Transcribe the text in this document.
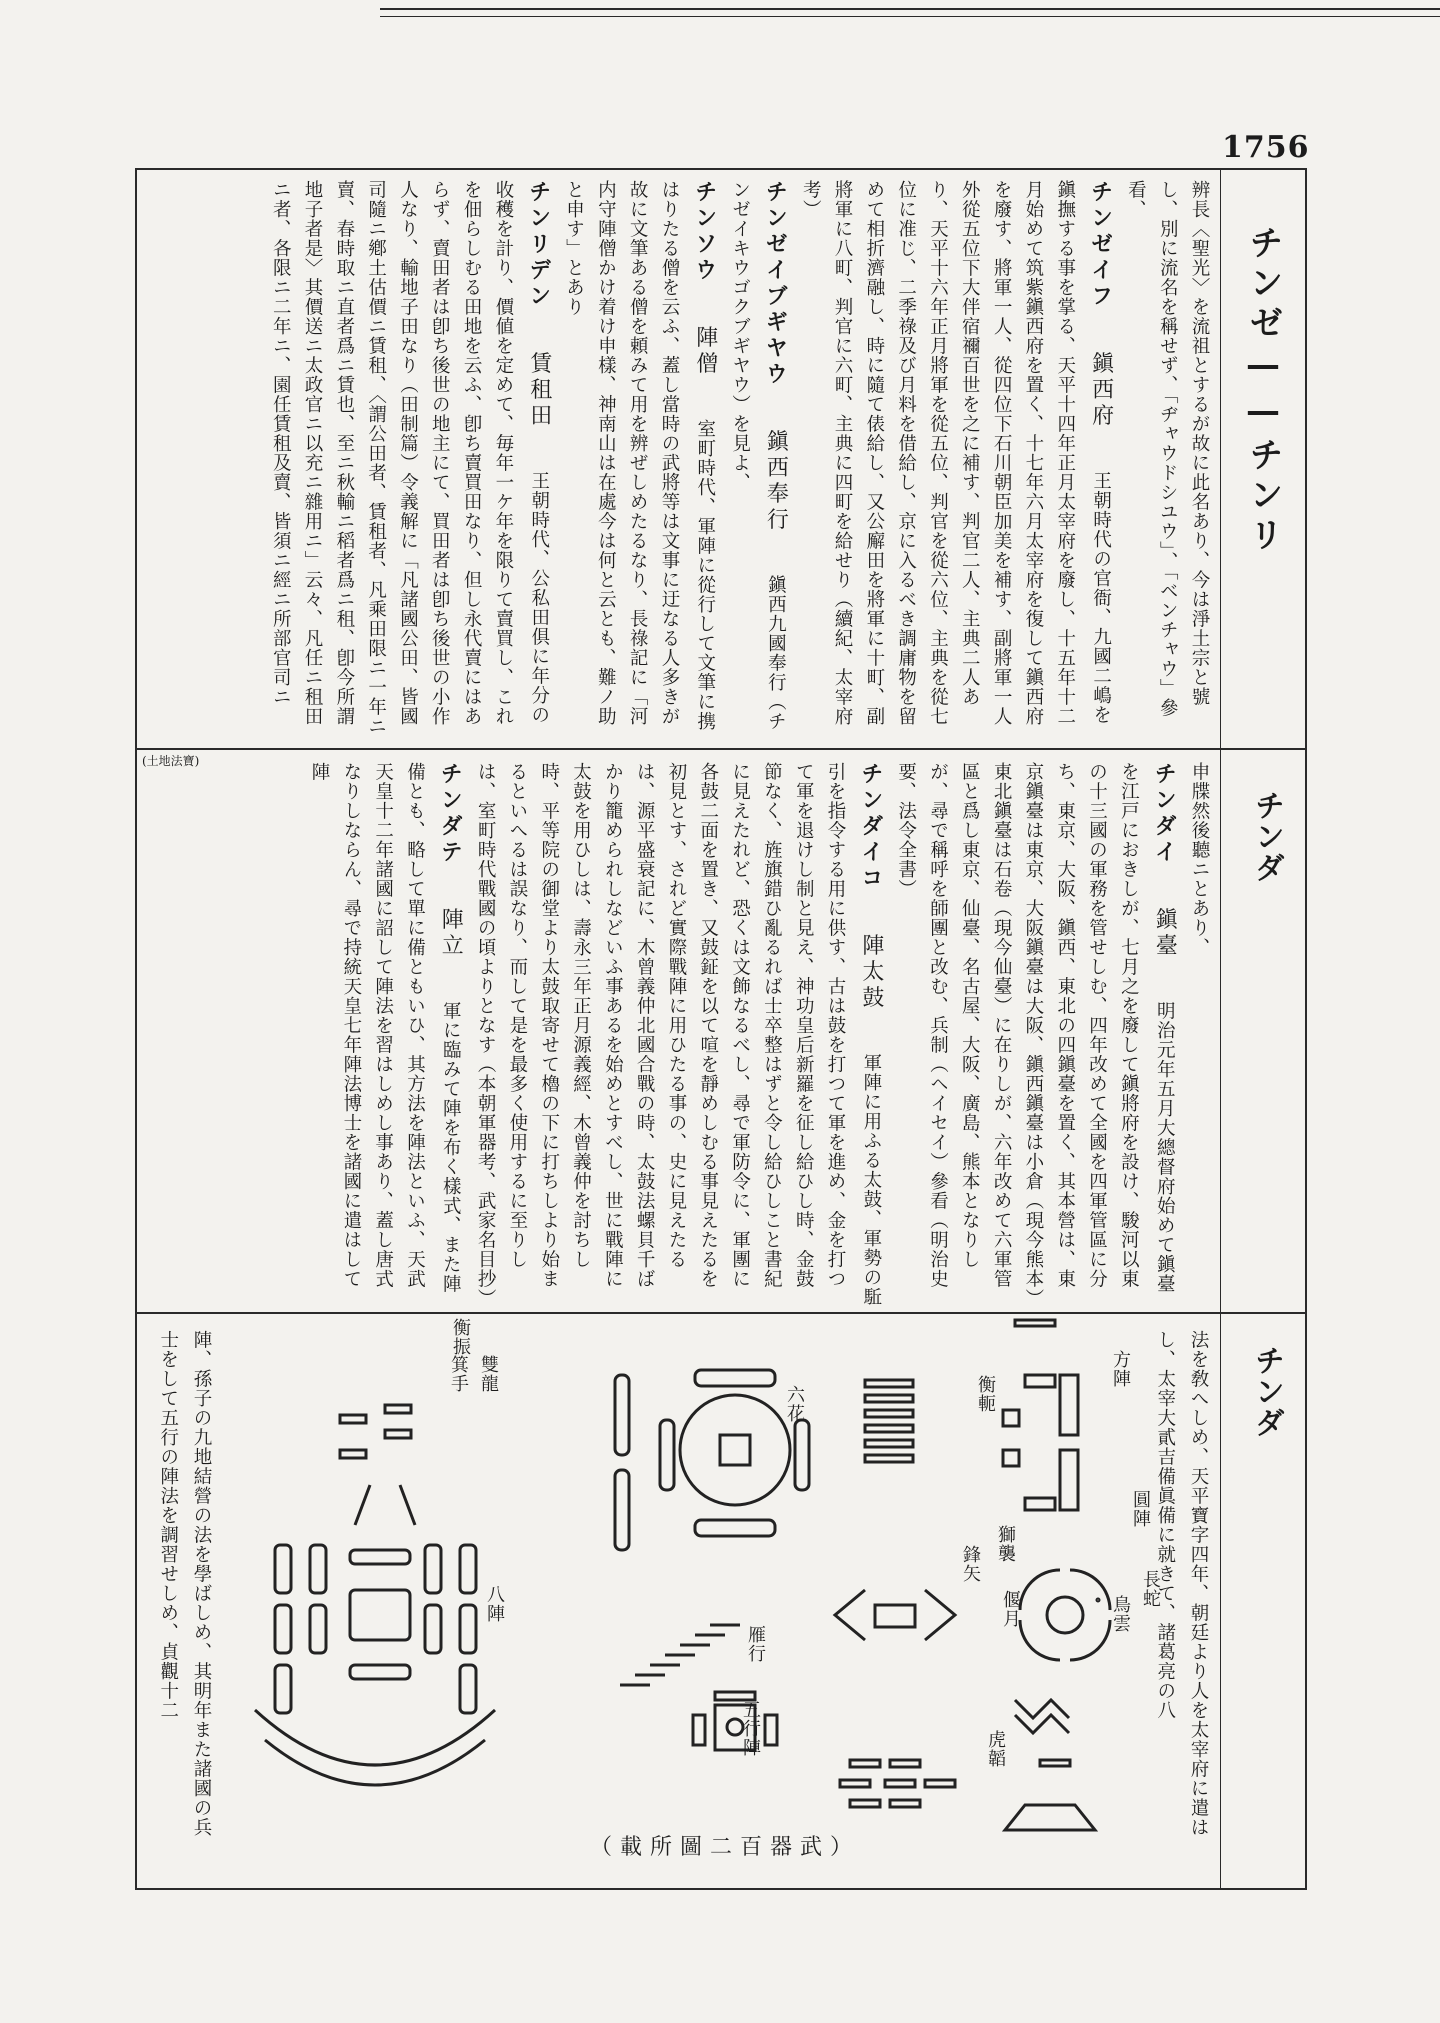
1756
チンゼ——チンリ
チンダ
チンダ

辨長〈聖光〉を流祖とするが故に此名あり、今は淨土宗と號し、別に流名を稱せず、「ヂャウドシユウ」、「ベンチャウ」參看、

チンゼイフ　 鎭西府　 王朝時代の官衙、九國二嶋を鎭撫する事を掌る、天平十四年正月太宰府を廢し、十五年十二月始めて筑紫鎭西府を置く、十七年六月太宰府を復して鎭西府を廢す、將軍一人、從四位下石川朝臣加美を補す、副將軍一人外從五位下大伴宿禰百世を之に補す、判官二人、主典二人あり、天平十六年正月將軍を從五位、判官を從六位、主典を從七位に准じ、二季祿及び月料を借給し、京に入るべき調庸物を留めて相折濟融し、時に隨て俵給し、又公廨田を將軍に十町、副將軍に八町、判官に六町、主典に四町を給せり（續紀、太宰府考）

チンゼイブギヤウ　 鎭西奉行　 鎭西九國奉行（チンゼイキウゴクブギヤウ）を見よ、

チンソウ　 陣僧　 室町時代、軍陣に從行して文筆に携はりたる僧を云ふ、蓋し當時の武將等は文事に迂なる人多きが故に文筆ある僧を頼みて用を辨ぜしめたるなり、長祿記に「河内守陣僧かけ着け申樣、神南山は在處今は何と云とも、難ノ助と申す」とあり

チンリデン　 賃租田　 王朝時代、公私田俱に年分の收穫を計り、價値を定めて、毎年一ケ年を限りて賣買し、これを佃らしむる田地を云ふ、卽ち賣買田なり、但し永代賣にはあらず、賣田者は卽ち後世の地主にて、買田者は卽ち後世の小作人なり、輸地子田なり（田制篇）令義解に「凡諸國公田、皆國司隨ニ鄕土估價ニ賃租、〈謂公田者、賃租者、凡乘田限ニ一年ニ賣、春時取ニ直者爲ニ賃也、至ニ秋輸ニ稻者爲ニ租、卽今所謂地子者是〉其價送ニ太政官ニ以充ニ雜用ニ」云々、凡任ニ租田ニ者、各限ニ二年ニ、園任賃租及賣、皆須ニ經ニ所部官司ニ

申牒然後聽ニとあり、

チンダイ　 鎭臺　 明治元年五月大總督府始めて鎭臺を江戸におきしが、七月之を廢して鎭將府を設け、駿河以東の十三國の軍務を管せしむ、四年改めて全國を四軍管區に分ち、東京、大阪、鎭西、東北の四鎭臺を置く、其本營は、東京鎭臺は東京、大阪鎭臺は大阪、鎭西鎭臺は小倉（現今熊本）東北鎭臺は石卷（現今仙臺）に在りしが、六年改めて六軍管區と爲し東京、仙臺、名古屋、大阪、廣島、熊本となりしが、尋で稱呼を師團と改む、兵制（ヘイセイ）參看（明治史要、法令全書）

チンダイコ　 陣太鼓　 軍陣に用ふる太鼓、軍勢の駈引を指令する用に供す、古は鼓を打つて軍を進め、金を打つて軍を退けし制と見え、神功皇后新羅を征し給ひし時、金鼓節なく、旌旗錯ひ亂るれば士卒整はずと令し給ひしこと書紀に見えたれど、恐くは文飾なるべし、尋で軍防令に、軍團に各鼓二面を置き、又鼓鉦を以て喧を靜めしむる事見えたるを初見とす、されど實際戰陣に用ひたる事の、史に見えたるは、源平盛衰記に、木曾義仲北國合戰の時、太鼓法螺貝千ばかり籠められしなどいふ事あるを始めとすべし、世に戰陣に太鼓を用ひしは、壽永三年正月源義經、木曾義仲を討ちし時、平等院の御堂より太鼓取寄せて櫓の下に打ちしより始まるといへるは誤なり、而して是を最多く使用するに至りしは、室町時代戰國の頃よりとなす（本朝軍器考、武家名目抄）

チンダテ　 陣立　 軍に臨みて陣を布く樣式、また陣備とも、略して單に備ともいひ、其方法を陣法といふ、天武天皇十二年諸國に詔して陣法を習はしめし事あり、蓋し唐式なりしならん、尋で持統天皇七年陣法博士を諸國に遣はして陣

(土地法寶)
法を敎へしめ、天平寶字四年、朝廷より人を太宰府に遣はし、太宰大貳吉備眞備に就きて、諸葛亮の八
陣、孫子の九地結營の法を學ばしめ、其明年また諸國の兵士をして五行の陣法を調習せしめ、貞觀十二	方陣
圓陣
長蛇
鳥雲
衡軛
鋒矢
獅襲
偃月
虎韜
六花
雁行
五行陣
箕手 雙龍
衡振
八陣
（載所圖二百器武）
